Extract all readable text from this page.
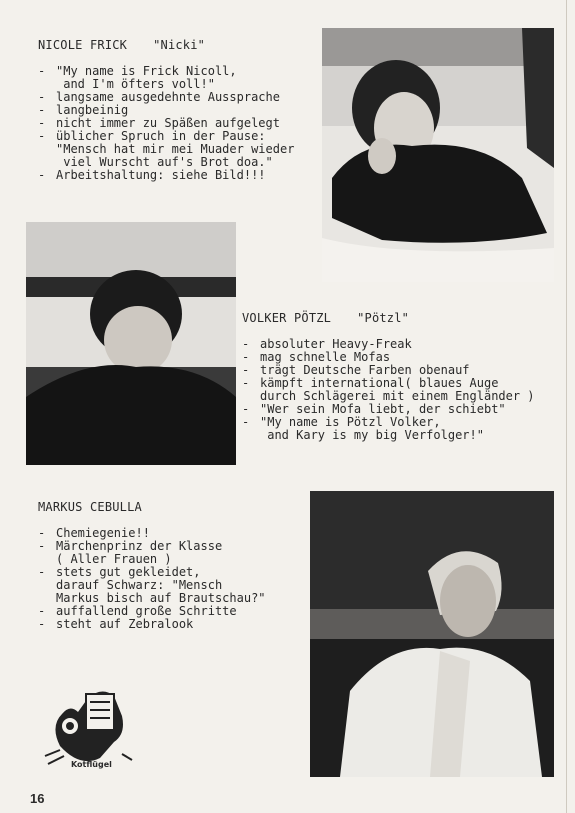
NICOLE FRICK "Nicki"
- "My name is Frick Nicoll,
and I'm öfters voll!"
- langsame ausgedehnte Aussprache
- langbeinig
- nicht immer zu Späßen aufgelegt
- üblicher Spruch in der Pause:
"Mensch hat mir mei Muader wieder
viel Wurscht auf's Brot doa."
- Arbeitshaltung: siehe Bild!!!
VOLKER PÖTZL "Pötzl"
- absoluter Heavy-Freak
- mag schnelle Mofas
- trägt Deutsche Farben obenauf
- kämpft international( blaues Auge
durch Schlägerei mit einem Engländer )
- "Wer sein Mofa liebt, der schiebt"
- "My name is Pötzl Volker,
and Kary is my big Verfolger!"
MARKUS CEBULLA
- Chemiegenie!!
- Märchenprinz der Klasse
( Aller Frauen )
- stets gut gekleidet,
darauf Schwarz: "Mensch
Markus bisch auf Brautschau?"
- auffallend große Schritte
- steht auf Zebralook
Kotflügel
16
